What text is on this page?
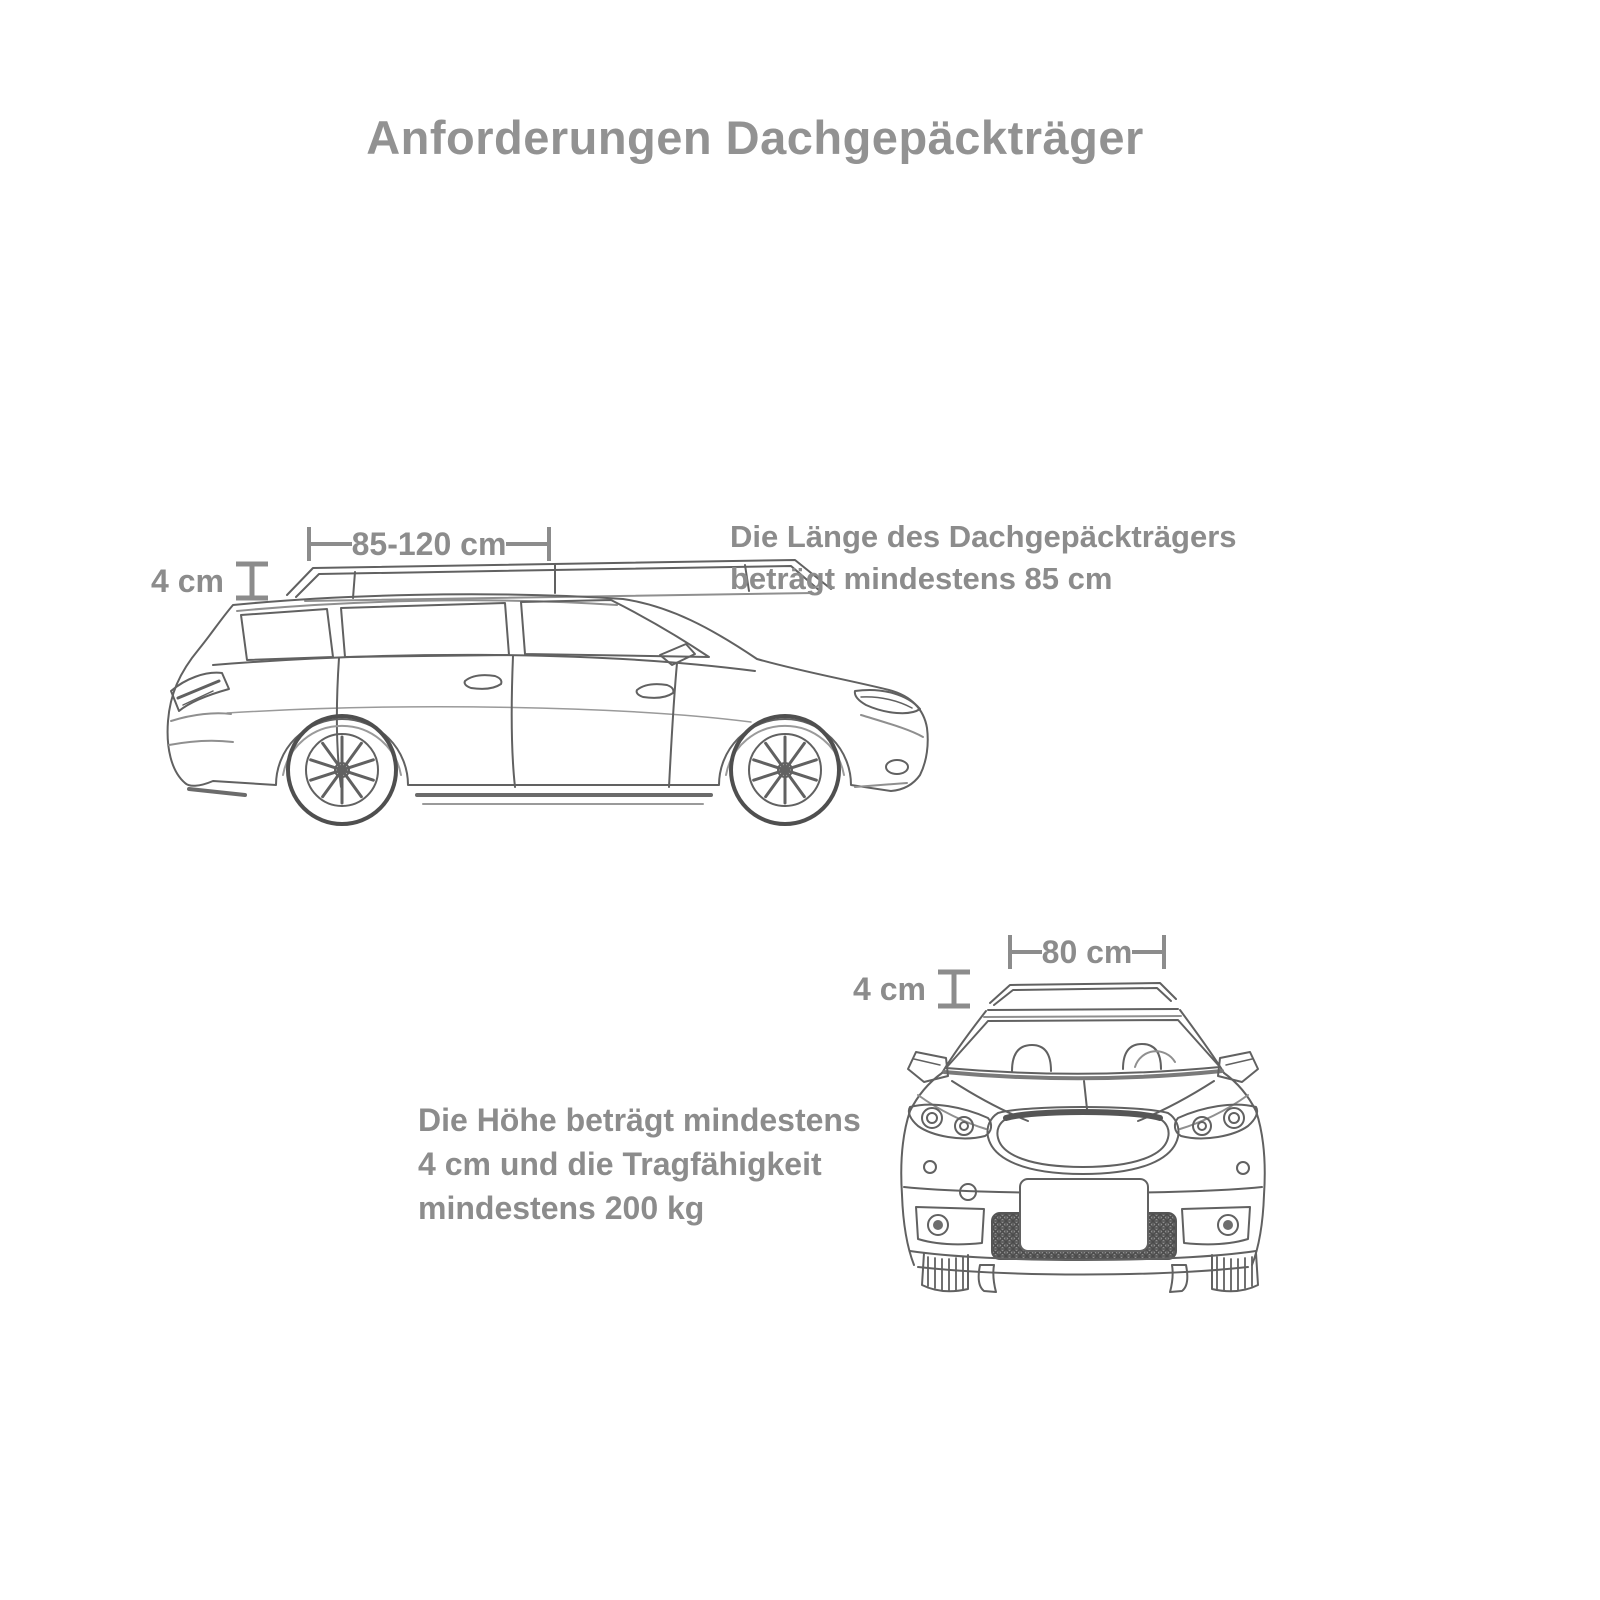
Anforderungen Dachgepäckträger
85-120 cm
4 cm
Die Länge des Dachgepäckträgers
beträgt mindestens 85 cm
80 cm
4 cm
Die Höhe beträgt mindestens
4 cm und die Tragfähigkeit
mindestens 200 kg
